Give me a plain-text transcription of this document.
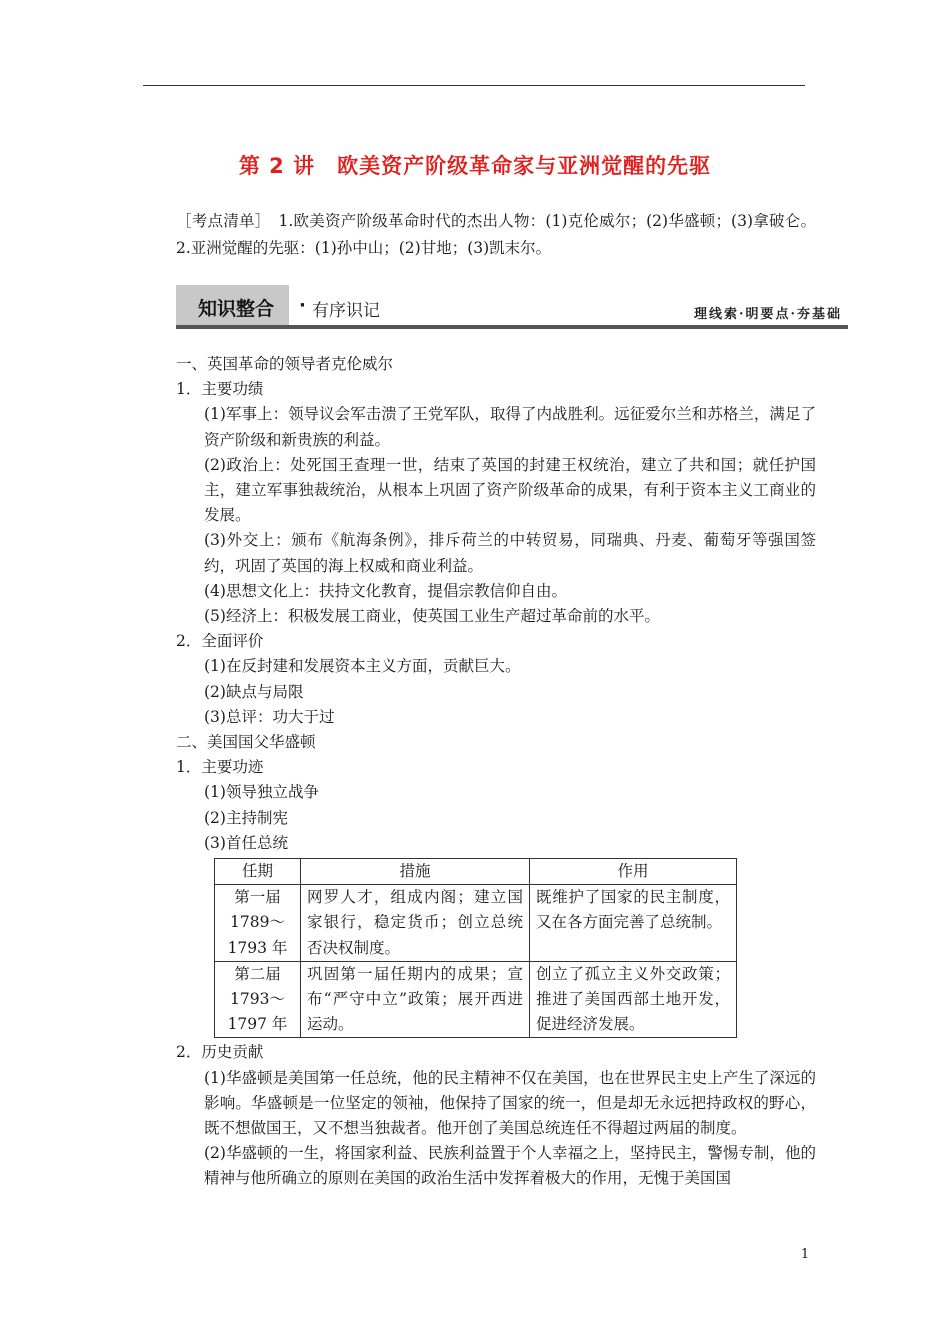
第 2 讲　欧美资产阶级革命家与亚洲觉醒的先驱
［考点清单］　1.欧美资产阶级革命时代的杰出人物：(1)克伦威尔；(2)华盛顿；(3)拿破仑。2.亚洲觉醒的先驱：(1)孙中山；(2)甘地；(3)凯末尔。
知识整合 · 有序识记	理线索·明要点·夯基础
一、英国革命的领导者克伦威尔
1．主要功绩
(1)军事上：领导议会军击溃了王党军队，取得了内战胜利。远征爱尔兰和苏格兰，满足了资产阶级和新贵族的利益。
(2)政治上：处死国王查理一世，结束了英国的封建王权统治，建立了共和国；就任护国主，建立军事独裁统治，从根本上巩固了资产阶级革命的成果，有利于资本主义工商业的发展。
(3)外交上：颁布《航海条例》，排斥荷兰的中转贸易，同瑞典、丹麦、葡萄牙等强国签约，巩固了英国的海上权威和商业利益。
(4)思想文化上：扶持文化教育，提倡宗教信仰自由。
(5)经济上：积极发展工商业，使英国工业生产超过革命前的水平。
2．全面评价
(1)在反封建和发展资本主义方面，贡献巨大。
(2)缺点与局限
(3)总评：功大于过
二、美国国父华盛顿
1．主要功迹
(1)领导独立战争
(2)主持制宪
(3)首任总统
任期	措施	作用

第一届
1789～
1793 年	网罗人才，组成内阁；建立国家银行，稳定货币；创立总统否决权制度。	既维护了国家的民主制度，又在各方面完善了总统制。

第二届
1793～
1797 年	巩固第一届任期内的成果；宣布“严守中立”政策；展开西进运动。	创立了孤立主义外交政策；推进了美国西部土地开发，促进经济发展。
2．历史贡献
(1)华盛顿是美国第一任总统，他的民主精神不仅在美国，也在世界民主史上产生了深远的影响。华盛顿是一位坚定的领袖，他保持了国家的统一，但是却无永远把持政权的野心，既不想做国王，又不想当独裁者。他开创了美国总统连任不得超过两届的制度。
(2)华盛顿的一生，将国家利益、民族利益置于个人幸福之上，坚持民主，警惕专制，他的精神与他所确立的原则在美国的政治生活中发挥着极大的作用，无愧于美国国
1
